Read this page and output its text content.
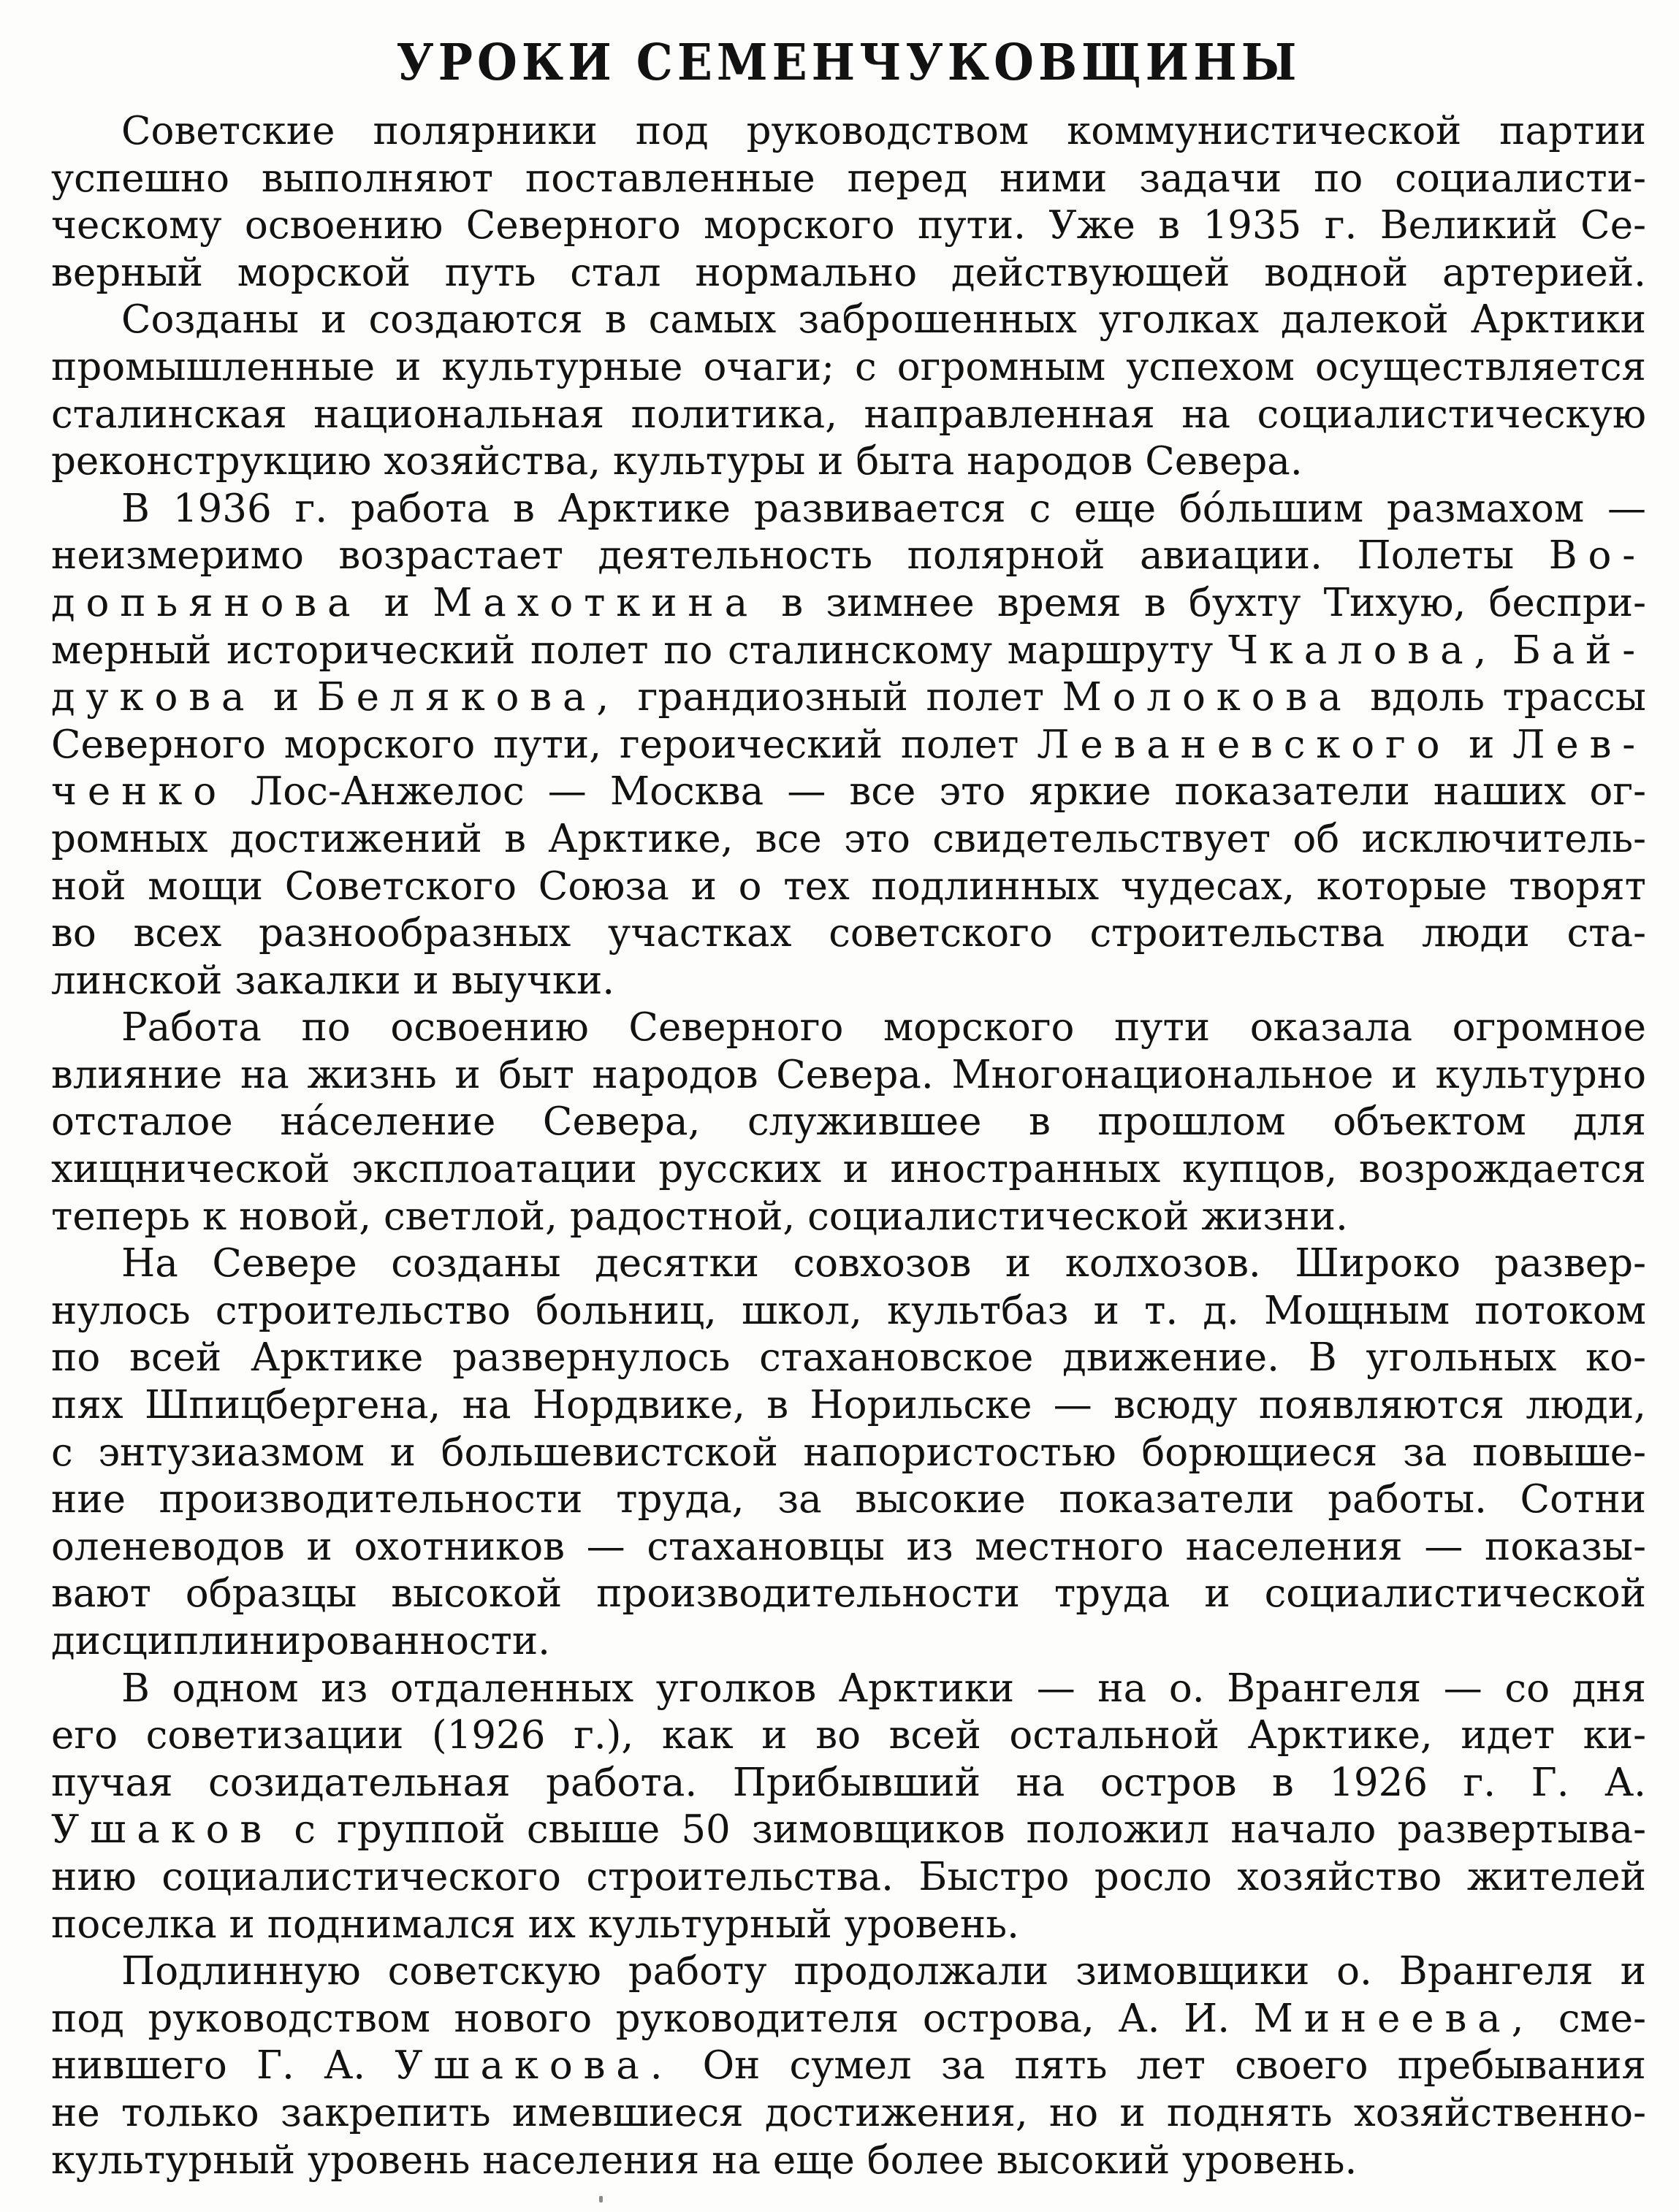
УРОКИ СЕМЕНЧУКОВЩИНЫ
Советские полярники под руководством коммунистической партии
успешно выполняют поставленные перед ними задачи по социалисти-
ческому освоению Северного морского пути. Уже в 1935 г. Великий Се-
верный морской путь стал нормально действующей водной артерией.
Созданы и создаются в самых заброшенных уголках далекой Арктики
промышленные и культурные очаги; с огромным успехом осуществляется
сталинская национальная политика, направленная на социалистическую
реконструкцию хозяйства, культуры и быта народов Севера.
В 1936 г. работа в Арктике развивается с еще бо́льшим размахом —
неизмеримо возрастает деятельность полярной авиации. Полеты Во-
допьянова и Махоткина в зимнее время в бухту Тихую, беспри-
мерный исторический полет по сталинскому маршруту Чкалова, Бай-
дукова и Белякова, грандиозный полет Молокова вдоль трассы
Северного морского пути, героический полет Леваневского и Лев-
ченко Лос-Анжелос — Москва — все это яркие показатели наших ог-
ромных достижений в Арктике, все это свидетельствует об исключитель-
ной мощи Советского Союза и о тех подлинных чудесах, которые творят
во всех разнообразных участках советского строительства люди ста-
линской закалки и выучки.
Работа по освоению Северного морского пути оказала огромное
влияние на жизнь и быт народов Севера. Многонациональное и культурно
отсталое на́селение Севера, служившее в прошлом объектом для
хищнической эксплоатации русских и иностранных купцов, возрождается
теперь к новой, светлой, радостной, социалистической жизни.
На Севере созданы десятки совхозов и колхозов. Широко развер-
нулось строительство больниц, школ, культбаз и т. д. Мощным потоком
по всей Арктике развернулось стахановское движение. В угольных ко-
пях Шпицбергена, на Нордвике, в Норильске — всюду появляются люди,
с энтузиазмом и большевистской напористостью борющиеся за повыше-
ние производительности труда, за высокие показатели работы. Сотни
оленеводов и охотников — стахановцы из местного населения — показы-
вают образцы высокой производительности труда и социалистической
дисциплинированности.
В одном из отдаленных уголков Арктики — на о. Врангеля — со дня
его советизации (1926 г.), как и во всей остальной Арктике, идет ки-
пучая созидательная работа. Прибывший на остров в 1926 г. Г. А.
Ушаков с группой свыше 50 зимовщиков положил начало развертыва-
нию социалистического строительства. Быстро росло хозяйство жителей
поселка и поднимался их культурный уровень.
Подлинную советскую работу продолжали зимовщики о. Врангеля и
под руководством нового руководителя острова, А. И. Минеева, сме-
нившего Г. А. Ушакова. Он сумел за пять лет своего пребывания
не только закрепить имевшиеся достижения, но и поднять хозяйственно-
культурный уровень населения на еще более высокий уровень.
